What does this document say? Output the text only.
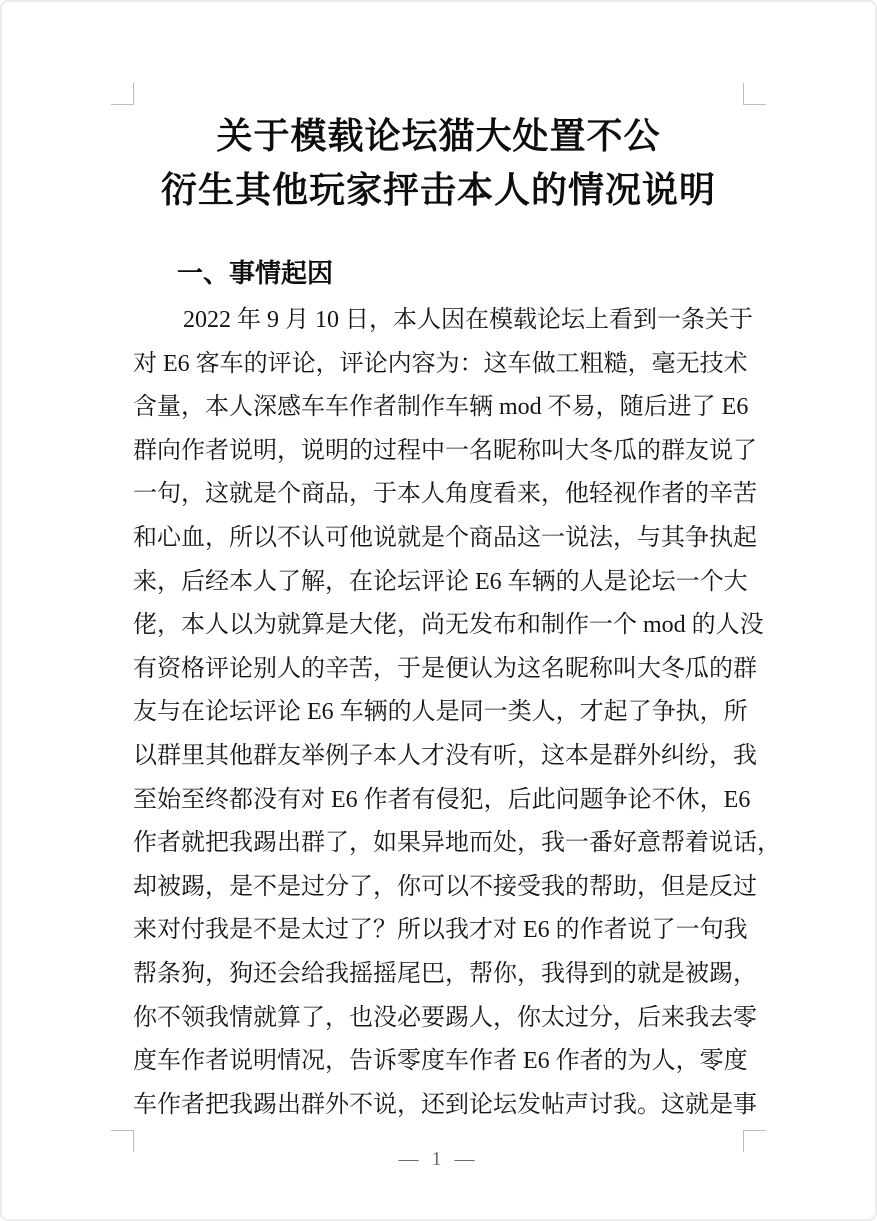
关于模载论坛猫大处置不公
衍生其他玩家抨击本人的情况说明
一、事情起因
2022 年 9 月 10 日，本人因在模载论坛上看到一条关于
对 E6 客车的评论，评论内容为：这车做工粗糙，毫无技术
含量，本人深感车车作者制作车辆 mod 不易，随后进了 E6
群向作者说明，说明的过程中一名昵称叫大冬瓜的群友说了
一句，这就是个商品，于本人角度看来，他轻视作者的辛苦
和心血，所以不认可他说就是个商品这一说法，与其争执起
来，后经本人了解，在论坛评论 E6 车辆的人是论坛一个大
佬，本人以为就算是大佬，尚无发布和制作一个 mod 的人没
有资格评论别人的辛苦，于是便认为这名昵称叫大冬瓜的群
友与在论坛评论 E6 车辆的人是同一类人，才起了争执，所
以群里其他群友举例子本人才没有听，这本是群外纠纷，我
至始至终都没有对 E6 作者有侵犯，后此问题争论不休，E6
作者就把我踢出群了，如果异地而处，我一番好意帮着说话，
却被踢，是不是过分了，你可以不接受我的帮助，但是反过
来对付我是不是太过了？所以我才对 E6 的作者说了一句我
帮条狗，狗还会给我摇摇尾巴，帮你，我得到的就是被踢，
你不领我情就算了，也没必要踢人，你太过分，后来我去零
度车作者说明情况，告诉零度车作者 E6 作者的为人，零度
车作者把我踢出群外不说，还到论坛发帖声讨我。这就是事
— 1 —
